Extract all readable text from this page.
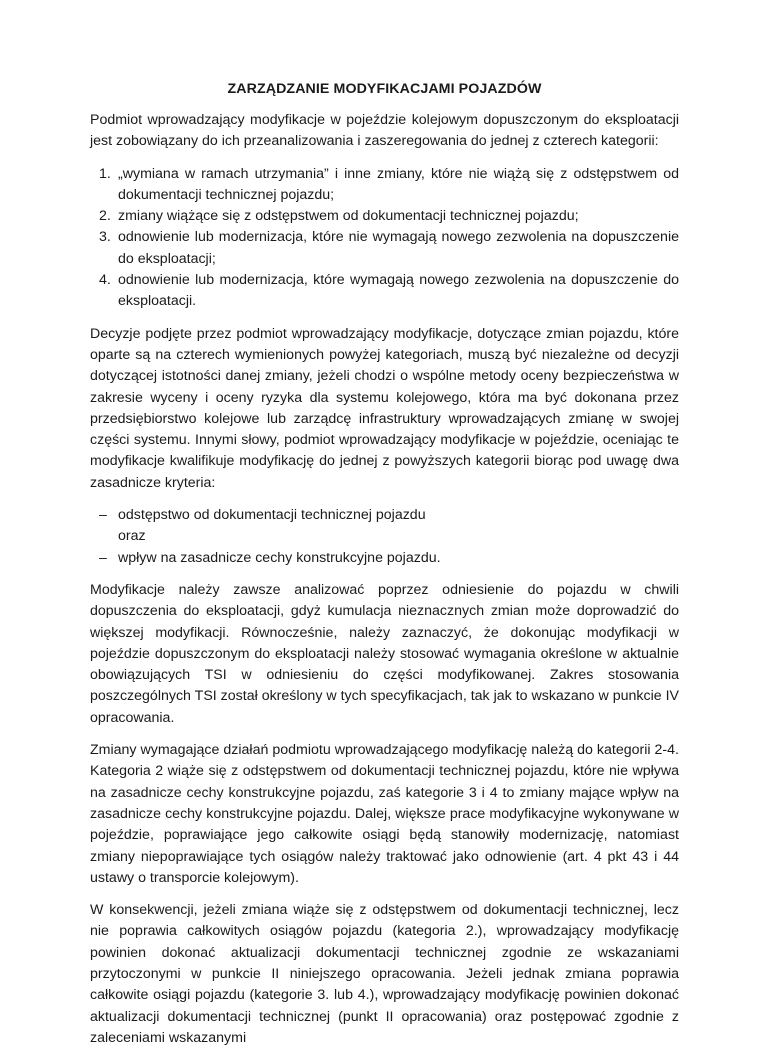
ZARZĄDZANIE MODYFIKACJAMI POJAZDÓW

Podmiot wprowadzający modyfikacje w pojeździe kolejowym dopuszczonym do eksploatacji jest zobowiązany do ich przeanalizowania i zaszeregowania do jednej z czterech kategorii:

1. „wymiana w ramach utrzymania” i inne zmiany, które nie wiążą się z odstępstwem od dokumentacji technicznej pojazdu;
2. zmiany wiążące się z odstępstwem od dokumentacji technicznej pojazdu;
3. odnowienie lub modernizacja, które nie wymagają nowego zezwolenia na dopuszczenie do eksploatacji;
4. odnowienie lub modernizacja, które wymagają nowego zezwolenia na dopuszczenie do eksploatacji.

Decyzje podjęte przez podmiot wprowadzający modyfikacje, dotyczące zmian pojazdu, które oparte są na czterech wymienionych powyżej kategoriach, muszą być niezależne od decyzji dotyczącej istotności danej zmiany, jeżeli chodzi o wspólne metody oceny bezpieczeństwa w zakresie wyceny i oceny ryzyka dla systemu kolejowego, która ma być dokonana przez przedsiębiorstwo kolejowe lub zarządcę infrastruktury wprowadzających zmianę w swojej części systemu. Innymi słowy, podmiot wprowadzający modyfikacje w pojeździe, oceniając te modyfikacje kwalifikuje modyfikację do jednej z powyższych kategorii biorąc pod uwagę dwa zasadnicze kryteria:

– odstępstwo od dokumentacji technicznej pojazdu
oraz
– wpływ na zasadnicze cechy konstrukcyjne pojazdu.

Modyfikacje należy zawsze analizować poprzez odniesienie do pojazdu w chwili dopuszczenia do eksploatacji, gdyż kumulacja nieznacznych zmian może doprowadzić do większej modyfikacji. Równocześnie, należy zaznaczyć, że dokonując modyfikacji w pojeździe dopuszczonym do eksploatacji należy stosować wymagania określone w aktualnie obowiązujących TSI w odniesieniu do części modyfikowanej. Zakres stosowania poszczególnych TSI został określony w tych specyfikacjach, tak jak to wskazano w punkcie IV opracowania.

Zmiany wymagające działań podmiotu wprowadzającego modyfikację należą do kategorii 2-4. Kategoria 2 wiąże się z odstępstwem od dokumentacji technicznej pojazdu, które nie wpływa na zasadnicze cechy konstrukcyjne pojazdu, zaś kategorie 3 i 4 to zmiany mające wpływ na zasadnicze cechy konstrukcyjne pojazdu. Dalej, większe prace modyfikacyjne wykonywane w pojeździe, poprawiające jego całkowite osiągi będą stanowiły modernizację, natomiast zmiany niepoprawiające tych osiągów należy traktować jako odnowienie (art. 4 pkt 43 i 44 ustawy o transporcie kolejowym).

W konsekwencji, jeżeli zmiana wiąże się z odstępstwem od dokumentacji technicznej, lecz nie poprawia całkowitych osiągów pojazdu (kategoria 2.), wprowadzający modyfikację powinien dokonać aktualizacji dokumentacji technicznej zgodnie ze wskazaniami przytoczonymi w punkcie II niniejszego opracowania. Jeżeli jednak zmiana poprawia całkowite osiągi pojazdu (kategorie 3. lub 4.), wprowadzający modyfikację powinien dokonać aktualizacji dokumentacji technicznej (punkt II opracowania) oraz postępować zgodnie z zaleceniami wskazanymi
